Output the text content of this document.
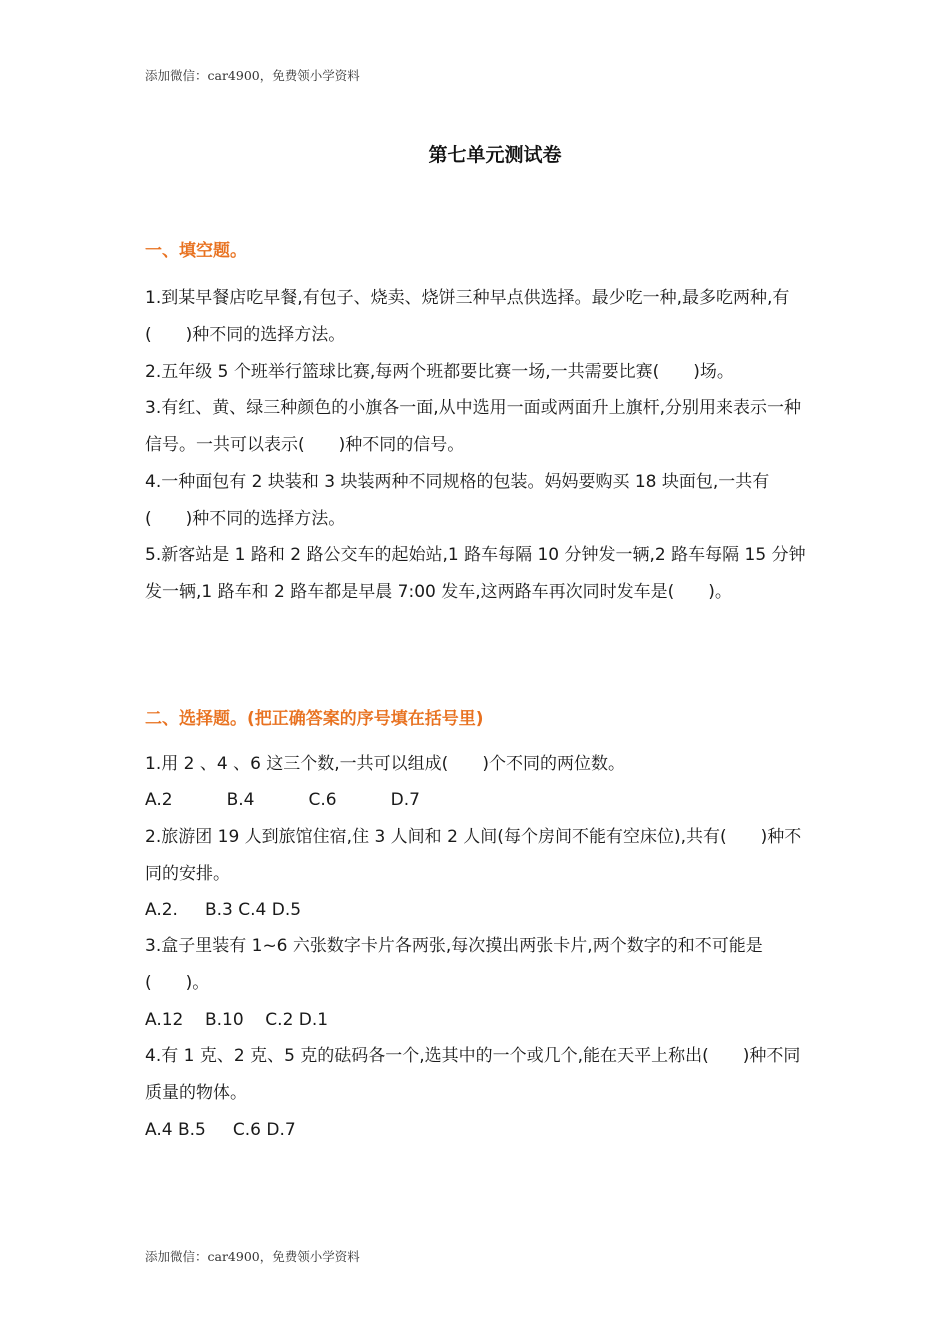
添加微信：car4900，免费领小学资料
第七单元测试卷
一、填空题。
1.到某早餐店吃早餐,有包子、烧卖、烧饼三种早点供选择。最少吃一种,最多吃两种,有(　　)种不同的选择方法。
2.五年级 5 个班举行篮球比赛,每两个班都要比赛一场,一共需要比赛(　　)场。
3.有红、黄、绿三种颜色的小旗各一面,从中选用一面或两面升上旗杆,分别用来表示一种信号。一共可以表示(　　)种不同的信号。
4.一种面包有 2 块装和 3 块装两种不同规格的包装。妈妈要购买 18 块面包,一共有(　　)种不同的选择方法。
5.新客站是 1 路和 2 路公交车的起始站,1 路车每隔 10 分钟发一辆,2 路车每隔 15 分钟发一辆,1 路车和 2 路车都是早晨 7:00 发车,这两路车再次同时发车是(　　)。
二、选择题。(把正确答案的序号填在括号里)
1.用 2 、4 、6 这三个数,一共可以组成(　　)个不同的两位数。
A.2          B.4          C.6          D.7
2.旅游团 19 人到旅馆住宿,住 3 人间和 2 人间(每个房间不能有空床位),共有(　　)种不同的安排。
A.2.     B.3 C.4 D.5
3.盒子里装有 1~6 六张数字卡片各两张,每次摸出两张卡片,两个数字的和不可能是(　　)。
A.12    B.10    C.2 D.1
4.有 1 克、2 克、5 克的砝码各一个,选其中的一个或几个,能在天平上称出(　　)种不同质量的物体。
A.4 B.5     C.6 D.7
添加微信：car4900，免费领小学资料
